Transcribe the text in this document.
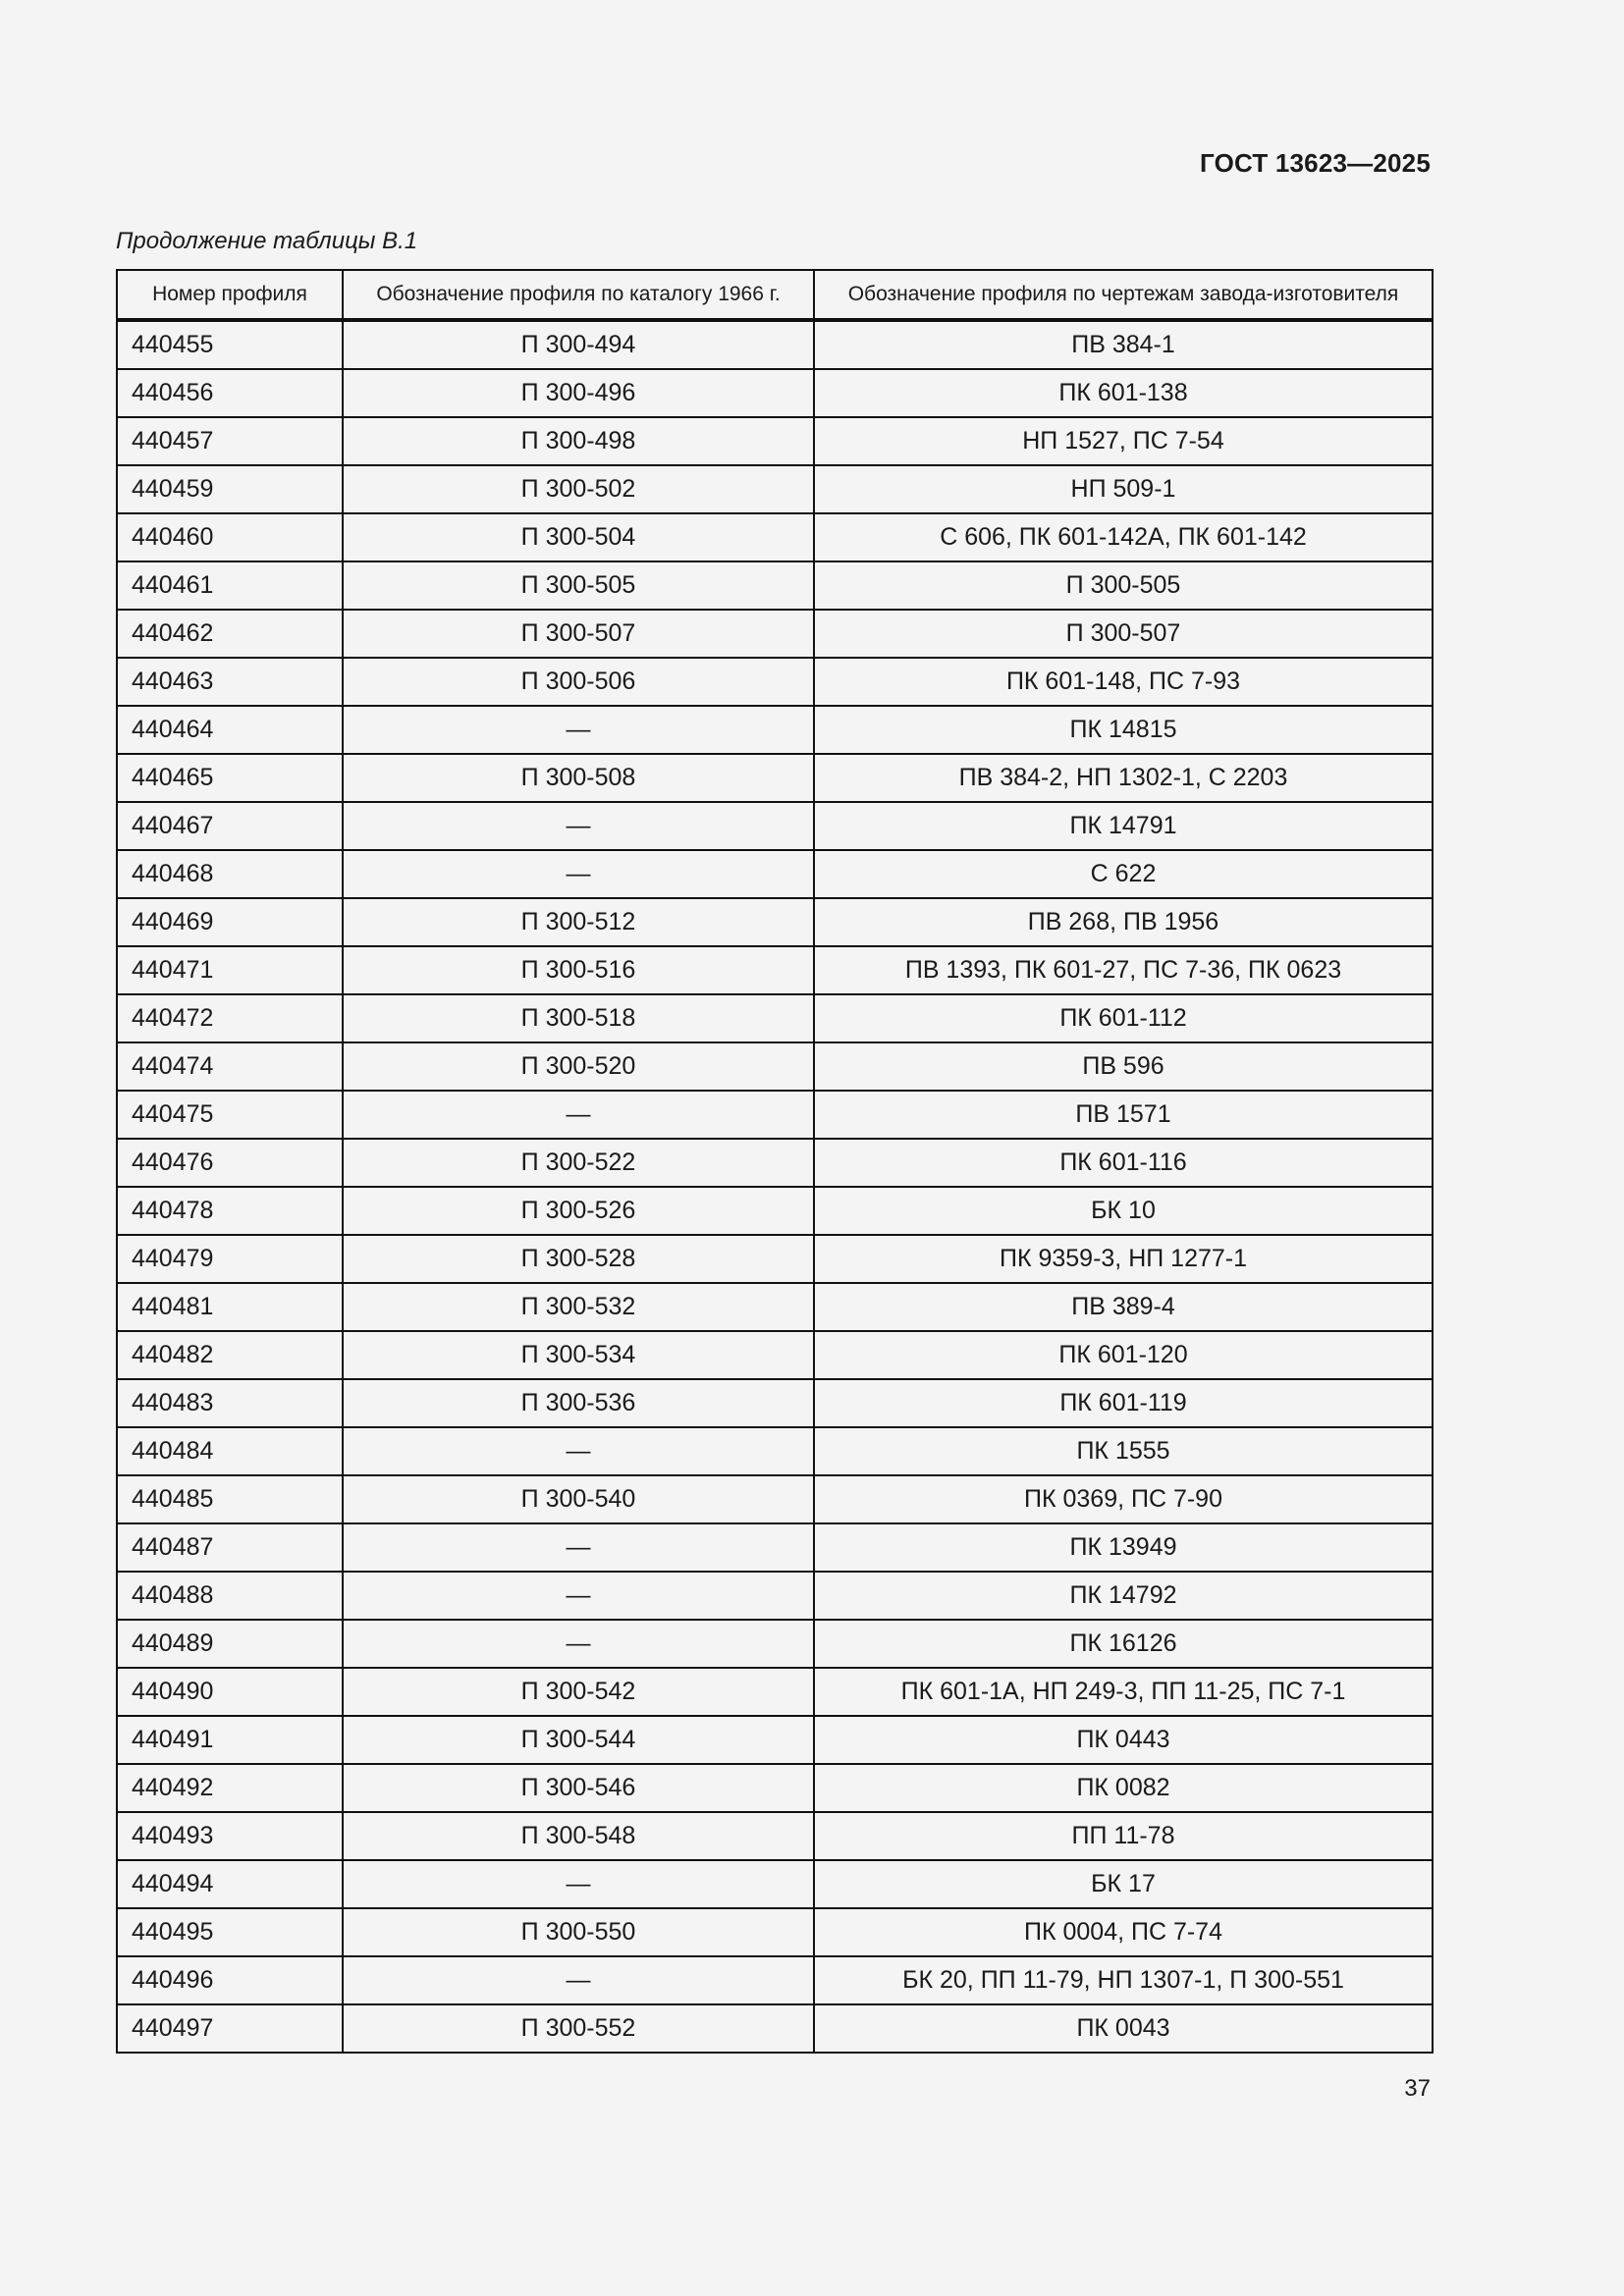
ГОСТ 13623—2025
Продолжение таблицы В.1
Номер профиля	Обозначение профиля по каталогу 1966 г.	Обозначение профиля по чертежам завода-изготовителя
440455	П 300-494	ПВ 384-1
440456	П 300-496	ПК 601-138
440457	П 300-498	НП 1527, ПС 7-54
440459	П 300-502	НП 509-1
440460	П 300-504	С 606, ПК 601-142А, ПК 601-142
440461	П 300-505	П 300-505
440462	П 300-507	П 300-507
440463	П 300-506	ПК 601-148, ПС 7-93
440464	—	ПК 14815
440465	П 300-508	ПВ 384-2, НП 1302-1, С 2203
440467	—	ПК 14791
440468	—	С 622
440469	П 300-512	ПВ 268, ПВ 1956
440471	П 300-516	ПВ 1393, ПК 601-27, ПС 7-36, ПК 0623
440472	П 300-518	ПК 601-112
440474	П 300-520	ПВ 596
440475	—	ПВ 1571
440476	П 300-522	ПК 601-116
440478	П 300-526	БК 10
440479	П 300-528	ПК 9359-3, НП 1277-1
440481	П 300-532	ПВ 389-4
440482	П 300-534	ПК 601-120
440483	П 300-536	ПК 601-119
440484	—	ПК 1555
440485	П 300-540	ПК 0369, ПС 7-90
440487	—	ПК 13949
440488	—	ПК 14792
440489	—	ПК 16126
440490	П 300-542	ПК 601-1А, НП 249-3, ПП 11-25, ПС 7-1
440491	П 300-544	ПК 0443
440492	П 300-546	ПК 0082
440493	П 300-548	ПП 11-78
440494	—	БК 17
440495	П 300-550	ПК 0004, ПС 7-74
440496	—	БК 20, ПП 11-79, НП 1307-1, П 300-551
440497	П 300-552	ПК 0043
37
